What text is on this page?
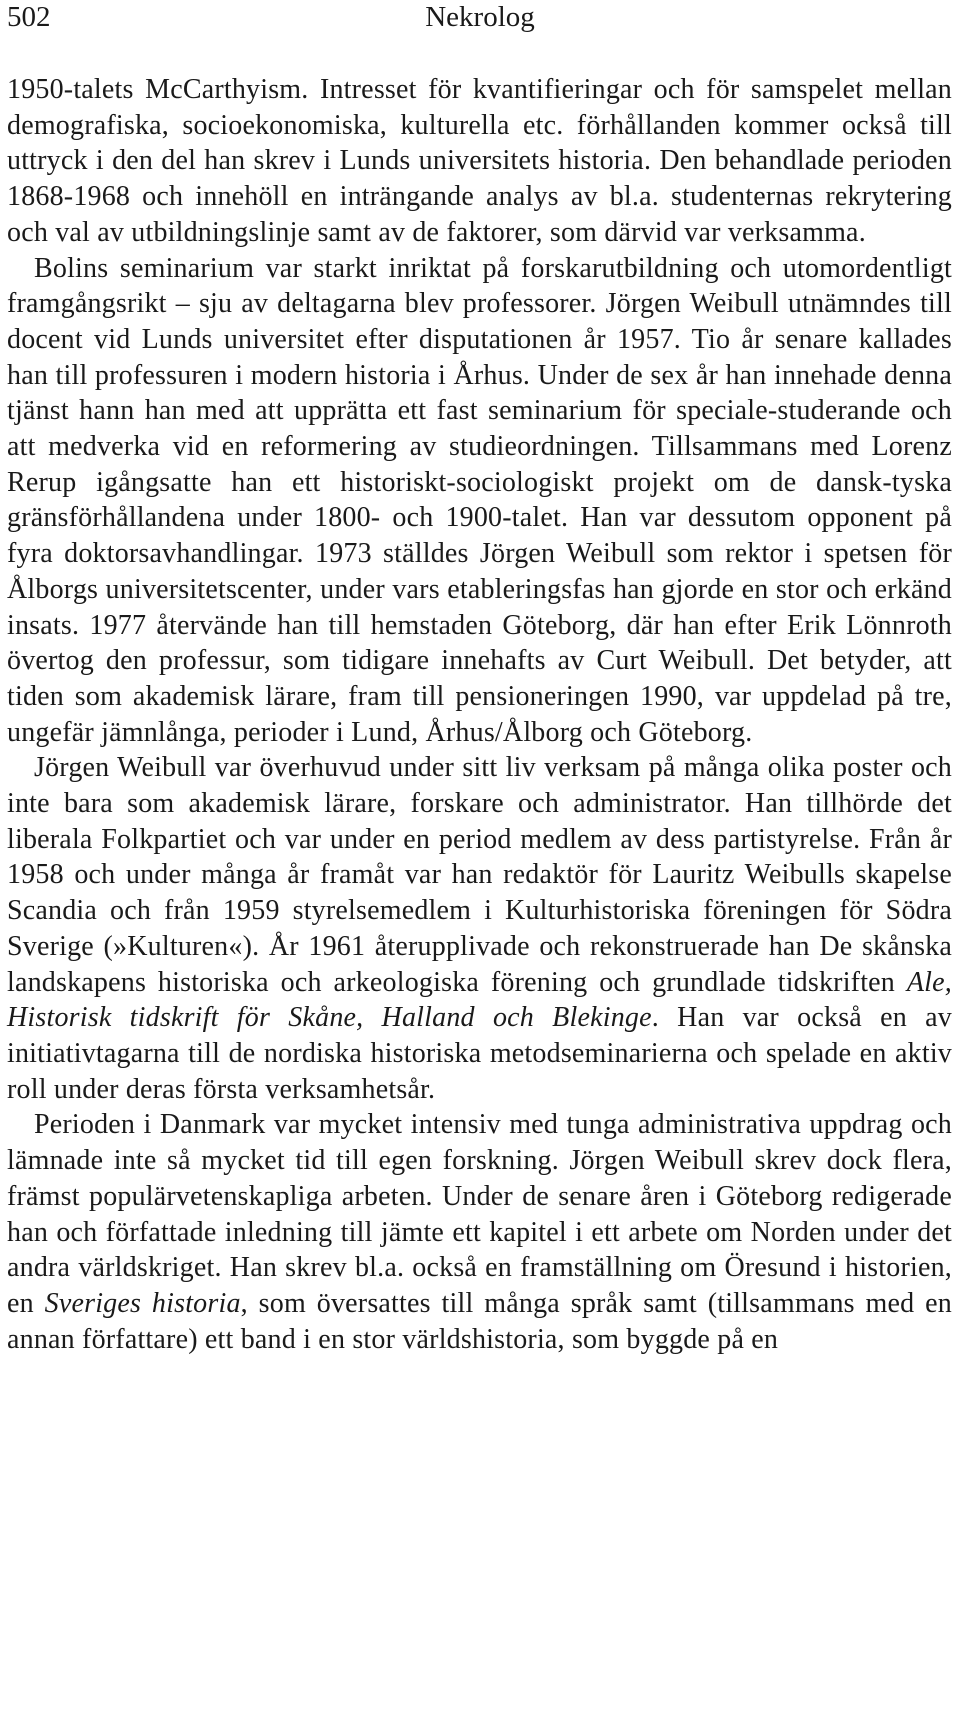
502	Nekrolog

1950-talets McCarthyism. Intresset för kvantifieringar och för samspelet mellan demografiska, socioekonomiska, kulturella etc. förhållanden kommer också till uttryck i den del han skrev i Lunds universitets historia. Den behandlade perioden 1868-1968 och innehöll en inträngande analys av bl.a. studenternas rekrytering och val av utbildningslinje samt av de faktorer, som därvid var verksamma.

Bolins seminarium var starkt inriktat på forskarutbildning och utomordentligt framgångsrikt – sju av deltagarna blev professorer. Jörgen Weibull utnämndes till docent vid Lunds universitet efter disputationen år 1957. Tio år senare kallades han till professuren i modern historia i Århus. Under de sex år han innehade denna tjänst hann han med att upprätta ett fast seminarium för speciale-studerande och att medverka vid en reformering av studieordningen. Tillsammans med Lorenz Rerup igångsatte han ett historiskt-sociologiskt projekt om de dansk-tyska gränsförhållandena under 1800- och 1900-talet. Han var dessutom opponent på fyra doktorsavhandlingar. 1973 ställdes Jörgen Weibull som rektor i spetsen för Ålborgs universitetscenter, under vars etableringsfas han gjorde en stor och erkänd insats. 1977 återvände han till hemstaden Göteborg, där han efter Erik Lönnroth övertog den professur, som tidigare innehafts av Curt Weibull. Det betyder, att tiden som akademisk lärare, fram till pensioneringen 1990, var uppdelad på tre, ungefär jämnlånga, perioder i Lund, Århus/Ålborg och Göteborg.

Jörgen Weibull var överhuvud under sitt liv verksam på många olika poster och inte bara som akademisk lärare, forskare och administrator. Han tillhörde det liberala Folkpartiet och var under en period medlem av dess partistyrelse. Från år 1958 och under många år framåt var han redaktör för Lauritz Weibulls skapelse Scandia och från 1959 styrelsemedlem i Kulturhistoriska föreningen för Södra Sverige (»Kulturen«). År 1961 återupplivade och rekonstruerade han De skånska landskapens historiska och arkeologiska förening och grundlade tidskriften Ale, Historisk tidskrift för Skåne, Halland och Blekinge. Han var också en av initiativtagarna till de nordiska historiska metodseminarierna och spelade en aktiv roll under deras första verksamhetsår.

Perioden i Danmark var mycket intensiv med tunga administrativa uppdrag och lämnade inte så mycket tid till egen forskning. Jörgen Weibull skrev dock flera, främst populärvetenskapliga arbeten. Under de senare åren i Göteborg redigerade han och författade inledning till jämte ett kapitel i ett arbete om Norden under det andra världskriget. Han skrev bl.a. också en framställning om Öresund i historien, en Sveriges historia, som översattes till många språk samt (tillsammans med en annan författare) ett band i en stor världshistoria, som byggde på en
